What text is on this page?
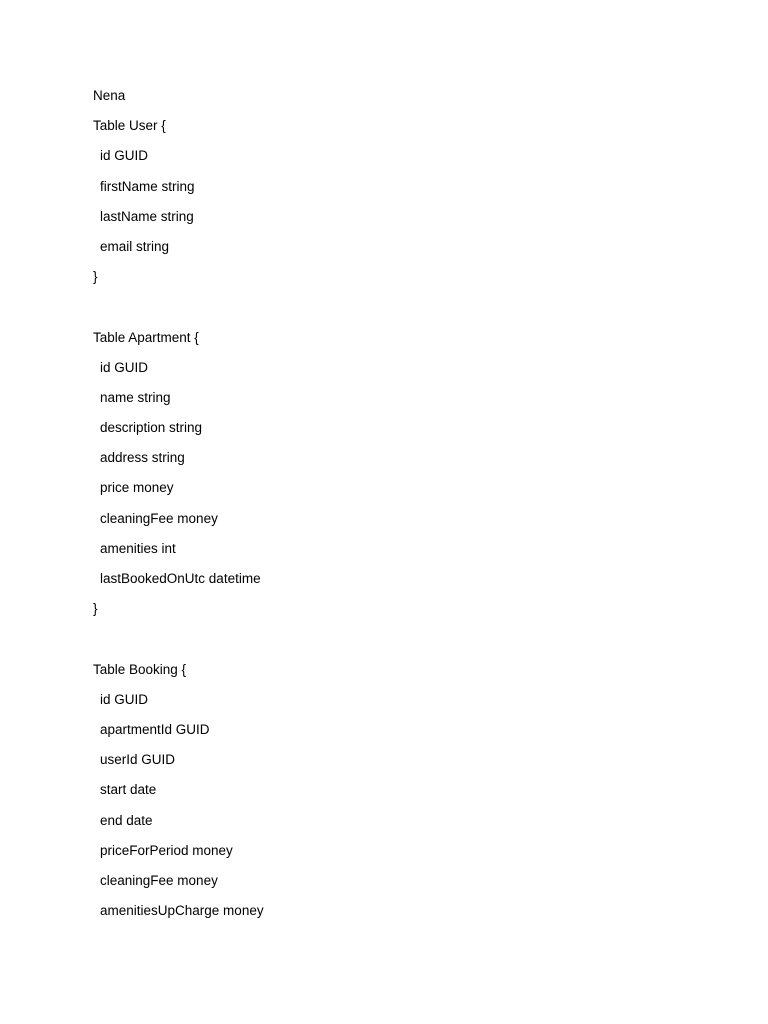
Nena
Table User {
id GUID
firstName string
lastName string
email string
}
Table Apartment {
id GUID
name string
description string
address string
price money
cleaningFee money
amenities int
lastBookedOnUtc datetime
}
Table Booking {
id GUID
apartmentId GUID
userId GUID
start date
end date
priceForPeriod money
cleaningFee money
amenitiesUpCharge money
